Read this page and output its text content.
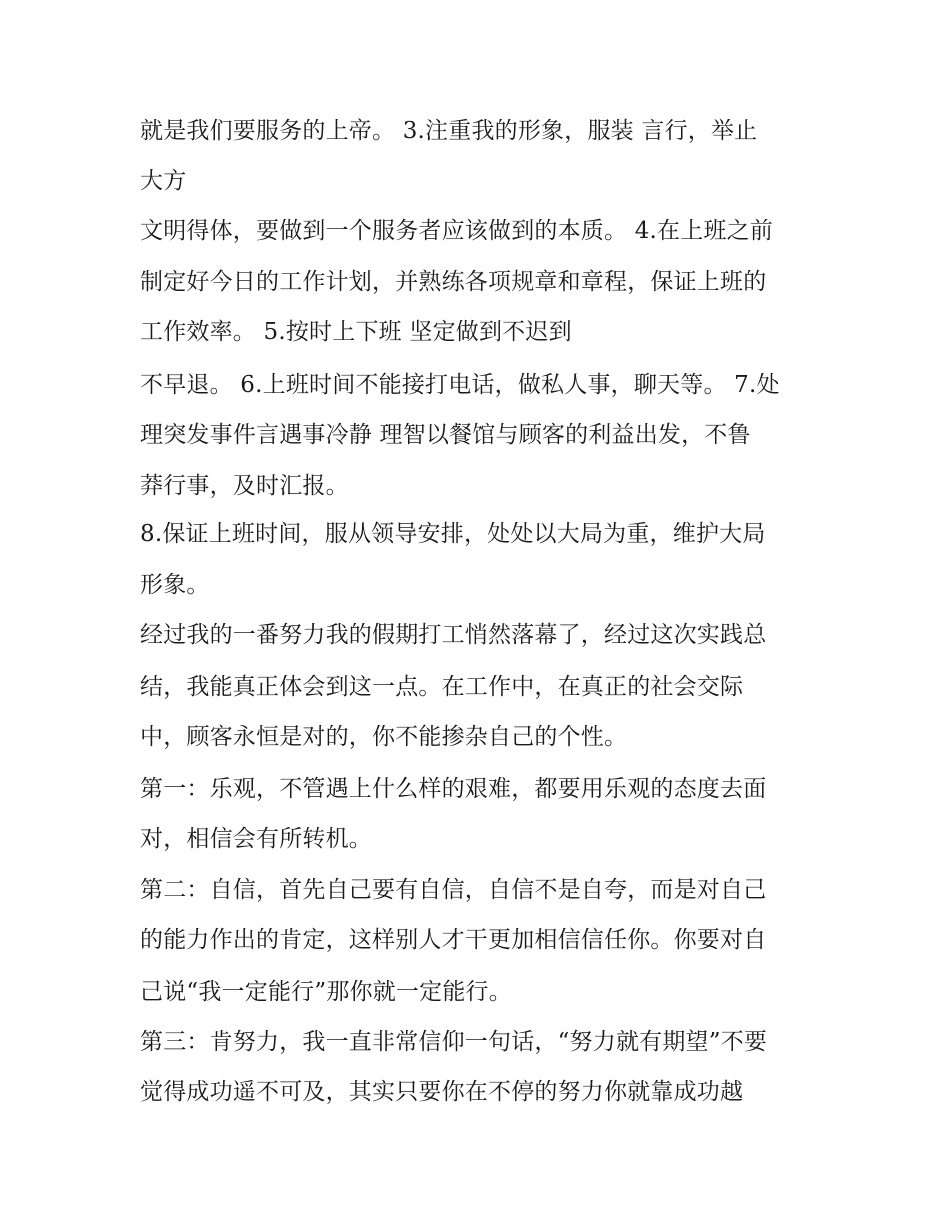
就是我们要服务的上帝。 3.注重我的形象，服装 言行，举止
大方
文明得体，要做到一个服务者应该做到的本质。 4.在上班之前
制定好今日的工作计划，并熟练各项规章和章程，保证上班的
工作效率。 5.按时上下班 坚定做到不迟到
不早退。 6.上班时间不能接打电话，做私人事，聊天等。 7.处
理突发事件言遇事冷静 理智以餐馆与顾客的利益出发，不鲁
莽行事，及时汇报。
8.保证上班时间，服从领导安排，处处以大局为重，维护大局
形象。
经过我的一番努力我的假期打工悄然落幕了，经过这次实践总
结，我能真正体会到这一点。在工作中，在真正的社会交际
中，顾客永恒是对的，你不能掺杂自己的个性。
第一：乐观，不管遇上什么样的艰难，都要用乐观的态度去面
对，相信会有所转机。
第二：自信，首先自己要有自信，自信不是自夸，而是对自己
的能力作出的肯定，这样别人才干更加相信信任你。你要对自
己说“我一定能行”那你就一定能行。
第三：肯努力，我一直非常信仰一句话，“努力就有期望”不要
觉得成功遥不可及，其实只要你在不停的努力你就靠成功越
